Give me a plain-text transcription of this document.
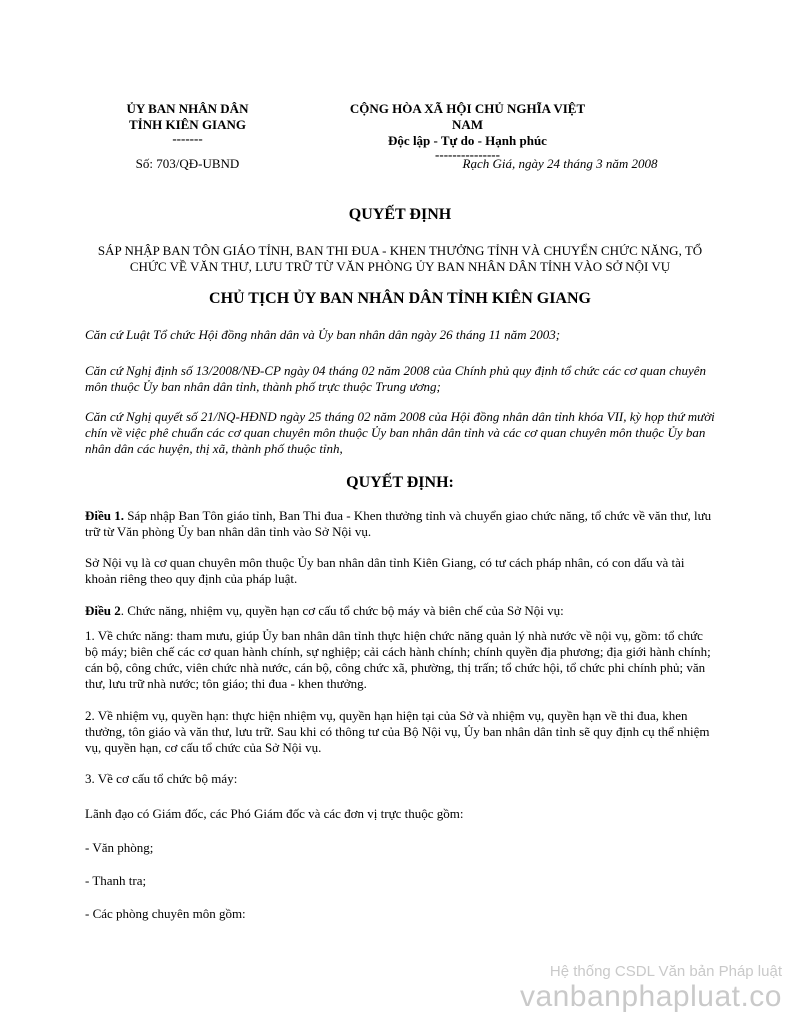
ỦY BAN NHÂN DÂN
TỈNH KIÊN GIANG
-------
CỘNG HÒA XÃ HỘI CHỦ NGHĨA VIỆT NAM
Độc lập - Tự do - Hạnh phúc
---------------
Số: 703/QĐ-UBND	Rạch Giá, ngày 24 tháng 3 năm 2008
QUYẾT ĐỊNH
SÁP NHẬP BAN TÔN GIÁO TỈNH, BAN THI ĐUA - KHEN THƯỞNG TỈNH VÀ CHUYỂN CHỨC NĂNG, TỔ CHỨC VỀ VĂN THƯ, LƯU TRỮ TỪ VĂN PHÒNG ỦY BAN NHÂN DÂN TỈNH VÀO SỞ NỘI VỤ
CHỦ TỊCH ỦY BAN NHÂN DÂN TỈNH KIÊN GIANG
Căn cứ Luật Tổ chức Hội đồng nhân dân và Ủy ban nhân dân ngày 26 tháng 11 năm 2003;
Căn cứ Nghị định số 13/2008/NĐ-CP ngày 04 tháng 02 năm 2008 của Chính phủ quy định tổ chức các cơ quan chuyên môn thuộc Ủy ban nhân dân tỉnh, thành phố trực thuộc Trung ương;
Căn cứ Nghị quyết số 21/NQ-HĐND ngày 25 tháng 02 năm 2008 của Hội đồng nhân dân tỉnh khóa VII, kỳ họp thứ mười chín về việc phê chuẩn các cơ quan chuyên môn thuộc Ủy ban nhân dân tỉnh và các cơ quan chuyên môn thuộc Ủy ban nhân dân các huyện, thị xã, thành phố thuộc tỉnh,
QUYẾT ĐỊNH:
Điều 1. Sáp nhập Ban Tôn giáo tỉnh, Ban Thi đua - Khen thưởng tỉnh và chuyển giao chức năng, tổ chức về văn thư, lưu trữ từ Văn phòng Ủy ban nhân dân tỉnh vào Sở Nội vụ.
Sở Nội vụ là cơ quan chuyên môn thuộc Ủy ban nhân dân tỉnh Kiên Giang, có tư cách pháp nhân, có con dấu và tài khoản riêng theo quy định của pháp luật.
Điều 2. Chức năng, nhiệm vụ, quyền hạn cơ cấu tổ chức bộ máy và biên chế của Sở Nội vụ:
1. Về chức năng: tham mưu, giúp Ủy ban nhân dân tỉnh thực hiện chức năng quản lý nhà nước về nội vụ, gồm: tổ chức bộ máy; biên chế các cơ quan hành chính, sự nghiệp; cải cách hành chính; chính quyền địa phương; địa giới hành chính; cán bộ, công chức, viên chức nhà nước, cán bộ, công chức xã, phường, thị trấn; tổ chức hội, tổ chức phi chính phủ; văn thư, lưu trữ nhà nước; tôn giáo; thi đua - khen thưởng.
2. Về nhiệm vụ, quyền hạn: thực hiện nhiệm vụ, quyền hạn hiện tại của Sở và nhiệm vụ, quyền hạn về thi đua, khen thưởng, tôn giáo và văn thư, lưu trữ. Sau khi có thông tư của Bộ Nội vụ, Ủy ban nhân dân tỉnh sẽ quy định cụ thể nhiệm vụ, quyền hạn, cơ cấu tổ chức của Sở Nội vụ.
3. Về cơ cấu tổ chức bộ máy:
Lãnh đạo có Giám đốc, các Phó Giám đốc và các đơn vị trực thuộc gồm:
- Văn phòng;
- Thanh tra;
- Các phòng chuyên môn gồm:
Hệ thống CSDL Văn bản Pháp luật
vanbanphapluat.co
